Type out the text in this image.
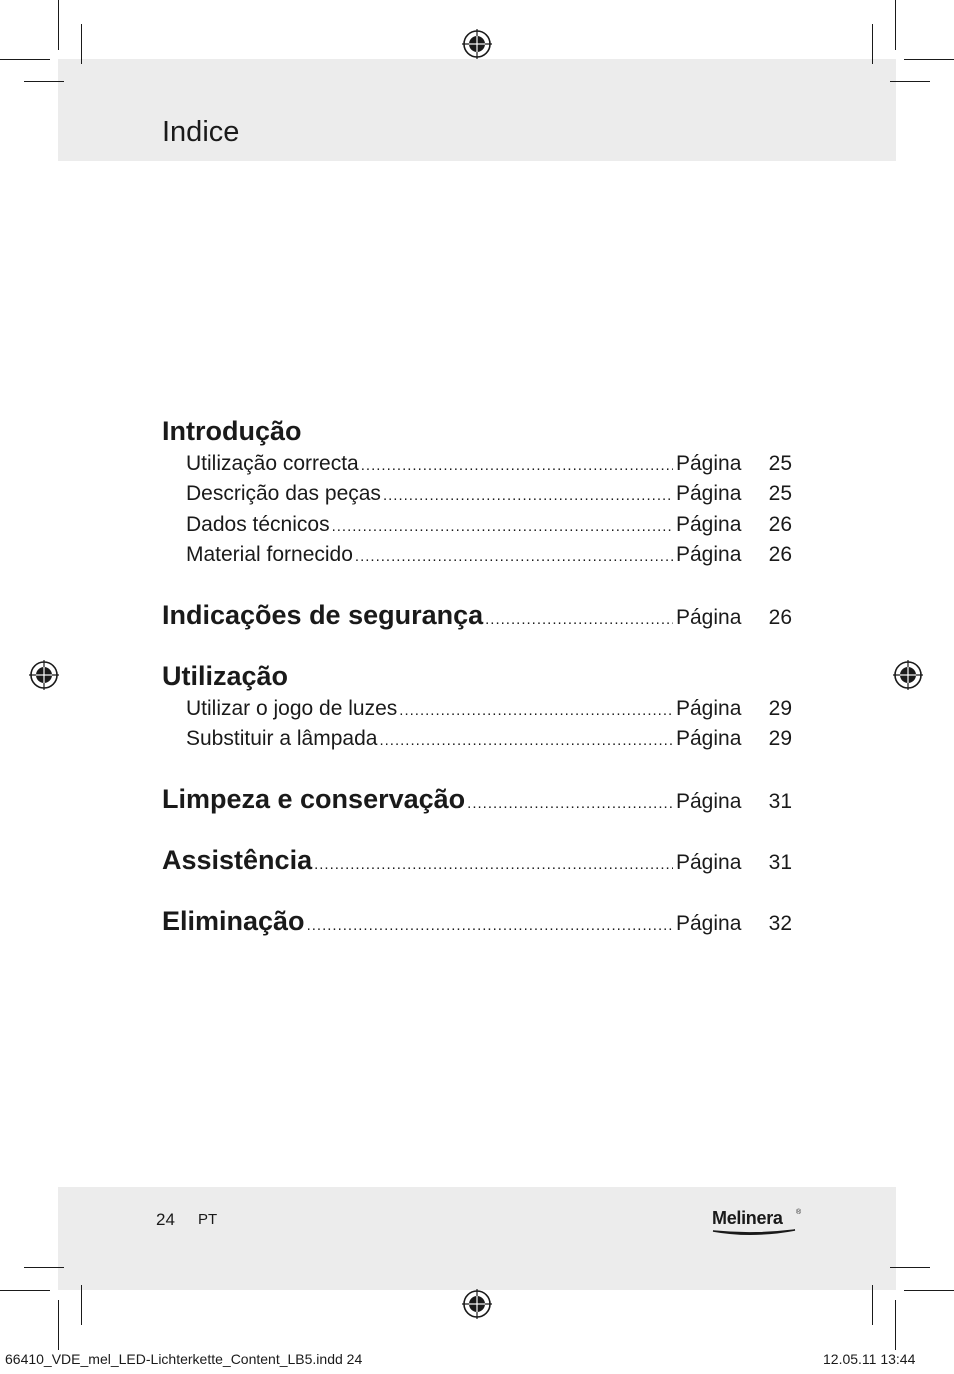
Indice
Introdução
Utilização correcta .....	Página	25
Descrição das peças .....	Página	25
Dados técnicos .....	Página	26
Material fornecido .....	Página	26
Indicações de segurança .....	Página	26
Utilização
Utilizar o jogo de luzes .....	Página	29
Substituir a lâmpada .....	Página	29
Limpeza e conservação .....	Página	31
Assistência .....	Página	31
Eliminação .....	Página	32
24 PT	Melinera ®
66410_VDE_mel_LED-Lichterkette_Content_LB5.indd 24	12.05.11 13:44
